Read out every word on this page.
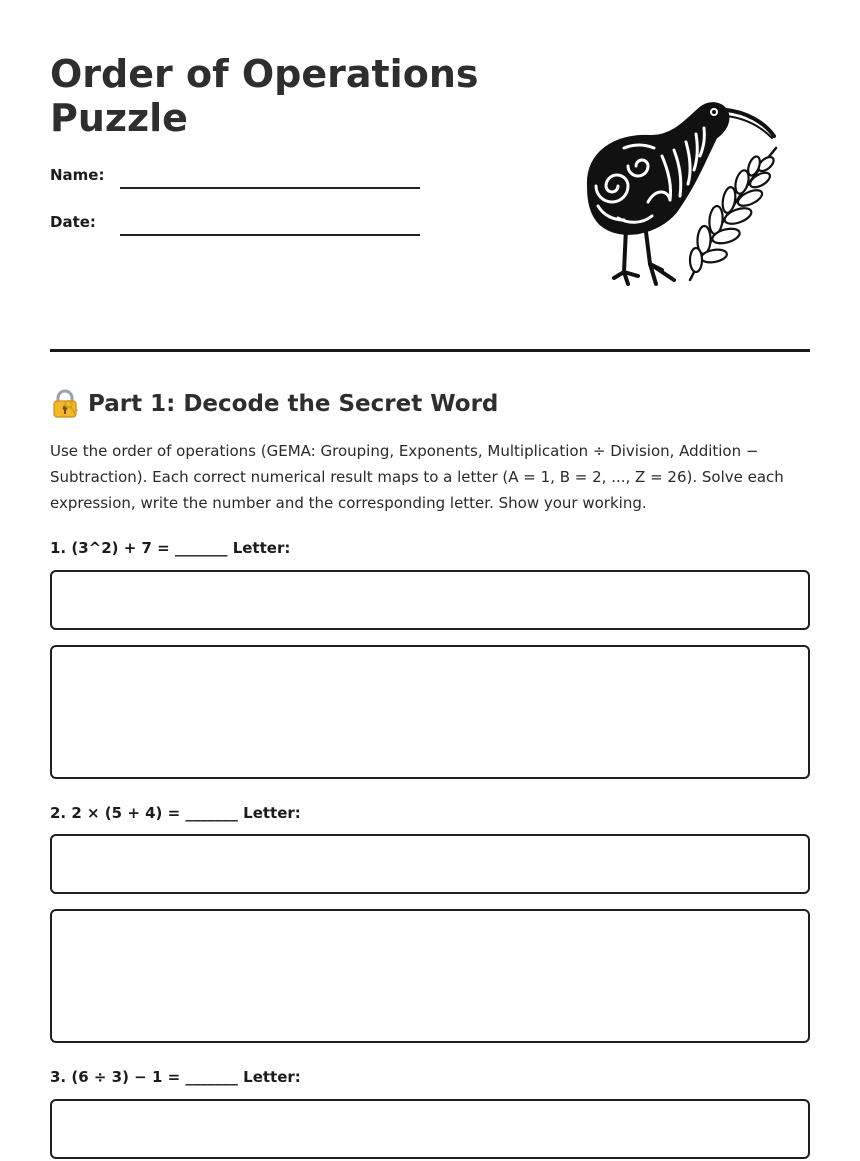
Order of Operations Puzzle
Name:
Date:
Part 1: Decode the Secret Word

Use the order of operations (GEMA: Grouping, Exponents, Multiplication ÷ Division, Addition − Subtraction). Each correct numerical result maps to a letter (A = 1, B = 2, ..., Z = 26). Solve each expression, write the number and the corresponding letter. Show your working.

1. (3^2) + 7 = _______ Letter:
2. 2 × (5 + 4) = _______ Letter:
3. (6 ÷ 3) − 1 = _______ Letter:
